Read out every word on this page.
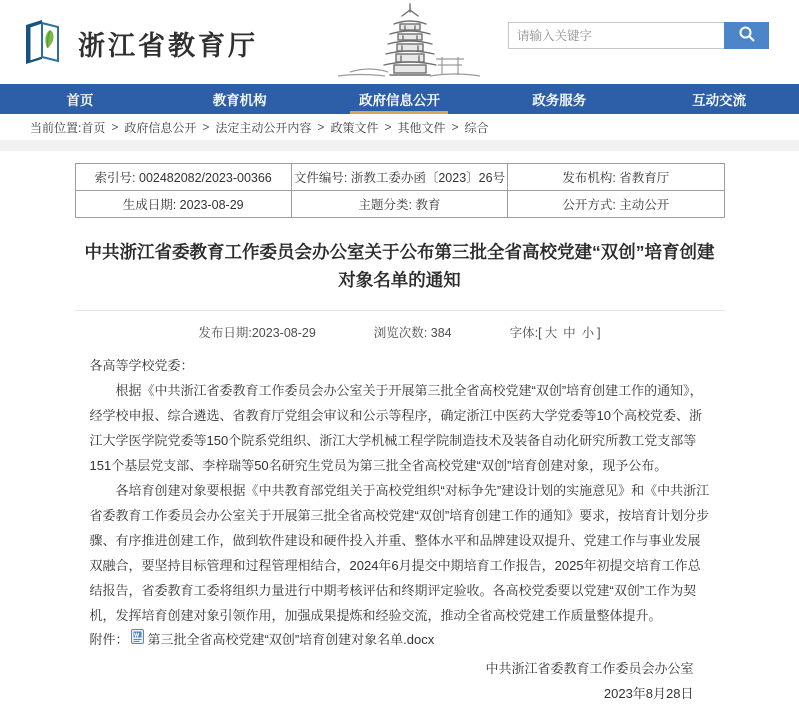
浙江省教育厅
请输入关键字
首页	教育机构	政府信息公开	政务服务	互动交流
当前位置: 首页 > 政府信息公开 > 法定主动公开内容 > 政策文件 > 其他文件 > 综合
索引号: 002482082/2023-00366	文件编号: 浙教工委办函〔2023〕26号	发布机构: 省教育厅
生成日期: 2023-08-29	主题分类: 教育	公开方式: 主动公开
中共浙江省委教育工作委员会办公室关于公布第三批全省高校党建“双创”培育创建对象名单的通知
发布日期:2023-08-29	浏览次数: 384	字体:[ 大 中 小 ]

各高等学校党委：

根据《中共浙江省委教育工作委员会办公室关于开展第三批全省高校党建“双创”培育创建工作的通知》，经学校申报、综合遴选、省教育厅党组会审议和公示等程序，确定浙江中医药大学党委等10个高校党委、浙江大学医学院党委等150个院系党组织、浙江大学机械工程学院制造技术及装备自动化研究所教工党支部等151个基层党支部、李梓瑞等50名研究生党员为第三批全省高校党建“双创”培育创建对象，现予公布。

各培育创建对象要根据《中共教育部党组关于高校党组织“对标争先”建设计划的实施意见》和《中共浙江省委教育工作委员会办公室关于开展第三批全省高校党建“双创”培育创建工作的通知》要求，按培育计划分步骤、有序推进创建工作，做到软件建设和硬件投入并重、整体水平和品牌建设双提升、党建工作与事业发展双融合，要坚持目标管理和过程管理相结合，2024年6月提交中期培育工作报告，2025年初提交培育工作总结报告，省委教育工委将组织力量进行中期考核评估和终期评定验收。各高校党委要以党建“双创”工作为契机，发挥培育创建对象引领作用，加强成果提炼和经验交流，推动全省高校党建工作质量整体提升。

附件： 第三批全省高校党建“双创”培育创建对象名单.docx

中共浙江省委教育工作委员会办公室
2023年8月28日
